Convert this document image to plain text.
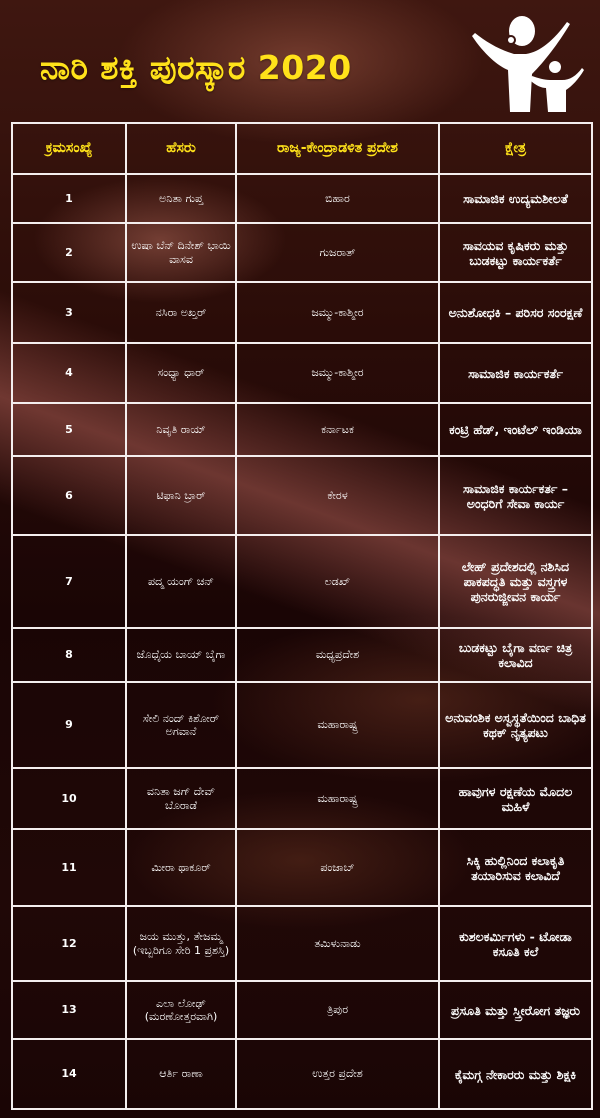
ನಾರಿ ಶಕ್ತಿ ಪುರಸ್ಕಾರ 2020
ಕ್ರಮಸಂಖ್ಯೆ	ಹೆಸರು	ರಾಜ್ಯ-ಕೇಂದ್ರಾಡಳಿತ ಪ್ರದೇಶ	ಕ್ಷೇತ್ರ
1	ಅನಿತಾ ಗುಪ್ತ	ಬಿಹಾರ	ಸಾಮಾಜಿಕ ಉದ್ಯಮಶೀಲತೆ
2	ಉಷಾ ಬೆನ್ ದಿನೇಶ್ ಭಾಯಿ ವಾಸವ	ಗುಜರಾತ್	ಸಾವಯವ ಕೃಷಿಕರು ಮತ್ತು ಬುಡಕಟ್ಟು ಕಾರ್ಯಕರ್ತೆ
3	ನಸಿರಾ ಅಖ್ತರ್	ಜಮ್ಮು-ಕಾಶ್ಮೀರ	ಅನುಶೋಧಕಿ – ಪರಿಸರ ಸಂರಕ್ಷಣೆ
4	ಸಂಧ್ಯಾ ಧಾರ್	ಜಮ್ಮು-ಕಾಶ್ಮೀರ	ಸಾಮಾಜಿಕ ಕಾರ್ಯಕರ್ತೆ
5	ನಿವೃತಿ ರಾಯ್	ಕರ್ನಾಟಕ	ಕಂಟ್ರಿ ಹೆಡ್, ಇಂಟೆಲ್ ಇಂಡಿಯಾ
6	ಟಿಫಾನಿ ಬ್ರಾರ್	ಕೇರಳ	ಸಾಮಾಜಿಕ ಕಾರ್ಯಕರ್ತ – ಅಂಧರಿಗೆ ಸೇವಾ ಕಾರ್ಯ
7	ಪದ್ಮ ಯಂಗ್ ಚನ್	ಲಡಖ್	ಲೇಹ್ ಪ್ರದೇಶದಲ್ಲಿ ನಶಿಸಿದ ಪಾಕಪದ್ಧತಿ ಮತ್ತು ವಸ್ತ್ರಗಳ ಪುನರುಜ್ಜೀವನ ಕಾರ್ಯ
8	ಜೊಧೈಯ ಬಾಯ್ ಬೈಗಾ	ಮಧ್ಯಪ್ರದೇಶ	ಬುಡಕಟ್ಟು ಬೈಗಾ ವರ್ಣ ಚಿತ್ರ ಕಲಾವಿದ
9	ಸೇಲಿ ನಂದ್ ಕಿಶೋರ್ ಅಗವಾನೆ	ಮಹಾರಾಷ್ಟ್ರ	ಅನುವಂಶಿಕ ಅಸ್ವಸ್ಥತೆಯಿಂದ ಬಾಧಿತ ಕಥಕ್ ನೃತ್ಯಪಟು
10	ವನಿತಾ ಜಗ್ ದೇವ್ ಬೊರಾಡೆ	ಮಹಾರಾಷ್ಟ್ರ	ಹಾವುಗಳ ರಕ್ಷಣೆಯ ಮೊದಲ ಮಹಿಳೆ
11	ಮೀರಾ ಥಾಕೂರ್	ಪಂಜಾಬ್	ಸಿಕ್ಕಿ ಹುಲ್ಲಿನಿಂದ ಕಲಾಕೃತಿ ತಯಾರಿಸುವ ಕಲಾವಿದೆ
12	ಜಯ ಮುತ್ತು, ತೇಜಮ್ಮ (ಇಬ್ಬರಿಗೂ ಸೇರಿ 1 ಪ್ರಶಸ್ತಿ)	ತಮಿಳುನಾಡು	ಕುಶಲಕರ್ಮಿಗಳು - ಟೋಡಾ ಕಸೂತಿ ಕಲೆ
13	ಎಲಾ ಲೋಢ್ (ಮರಣೋತ್ತರವಾಗಿ)	ತ್ರಿಪುರ	ಪ್ರಸೂತಿ ಮತ್ತು ಸ್ತ್ರೀರೋಗ ತಜ್ಞರು
14	ಆರ್ತಿ ರಾಣಾ	ಉತ್ತರ ಪ್ರದೇಶ	ಕೈಮಗ್ಗ ನೇಕಾರರು ಮತ್ತು ಶಿಕ್ಷಕಿ
